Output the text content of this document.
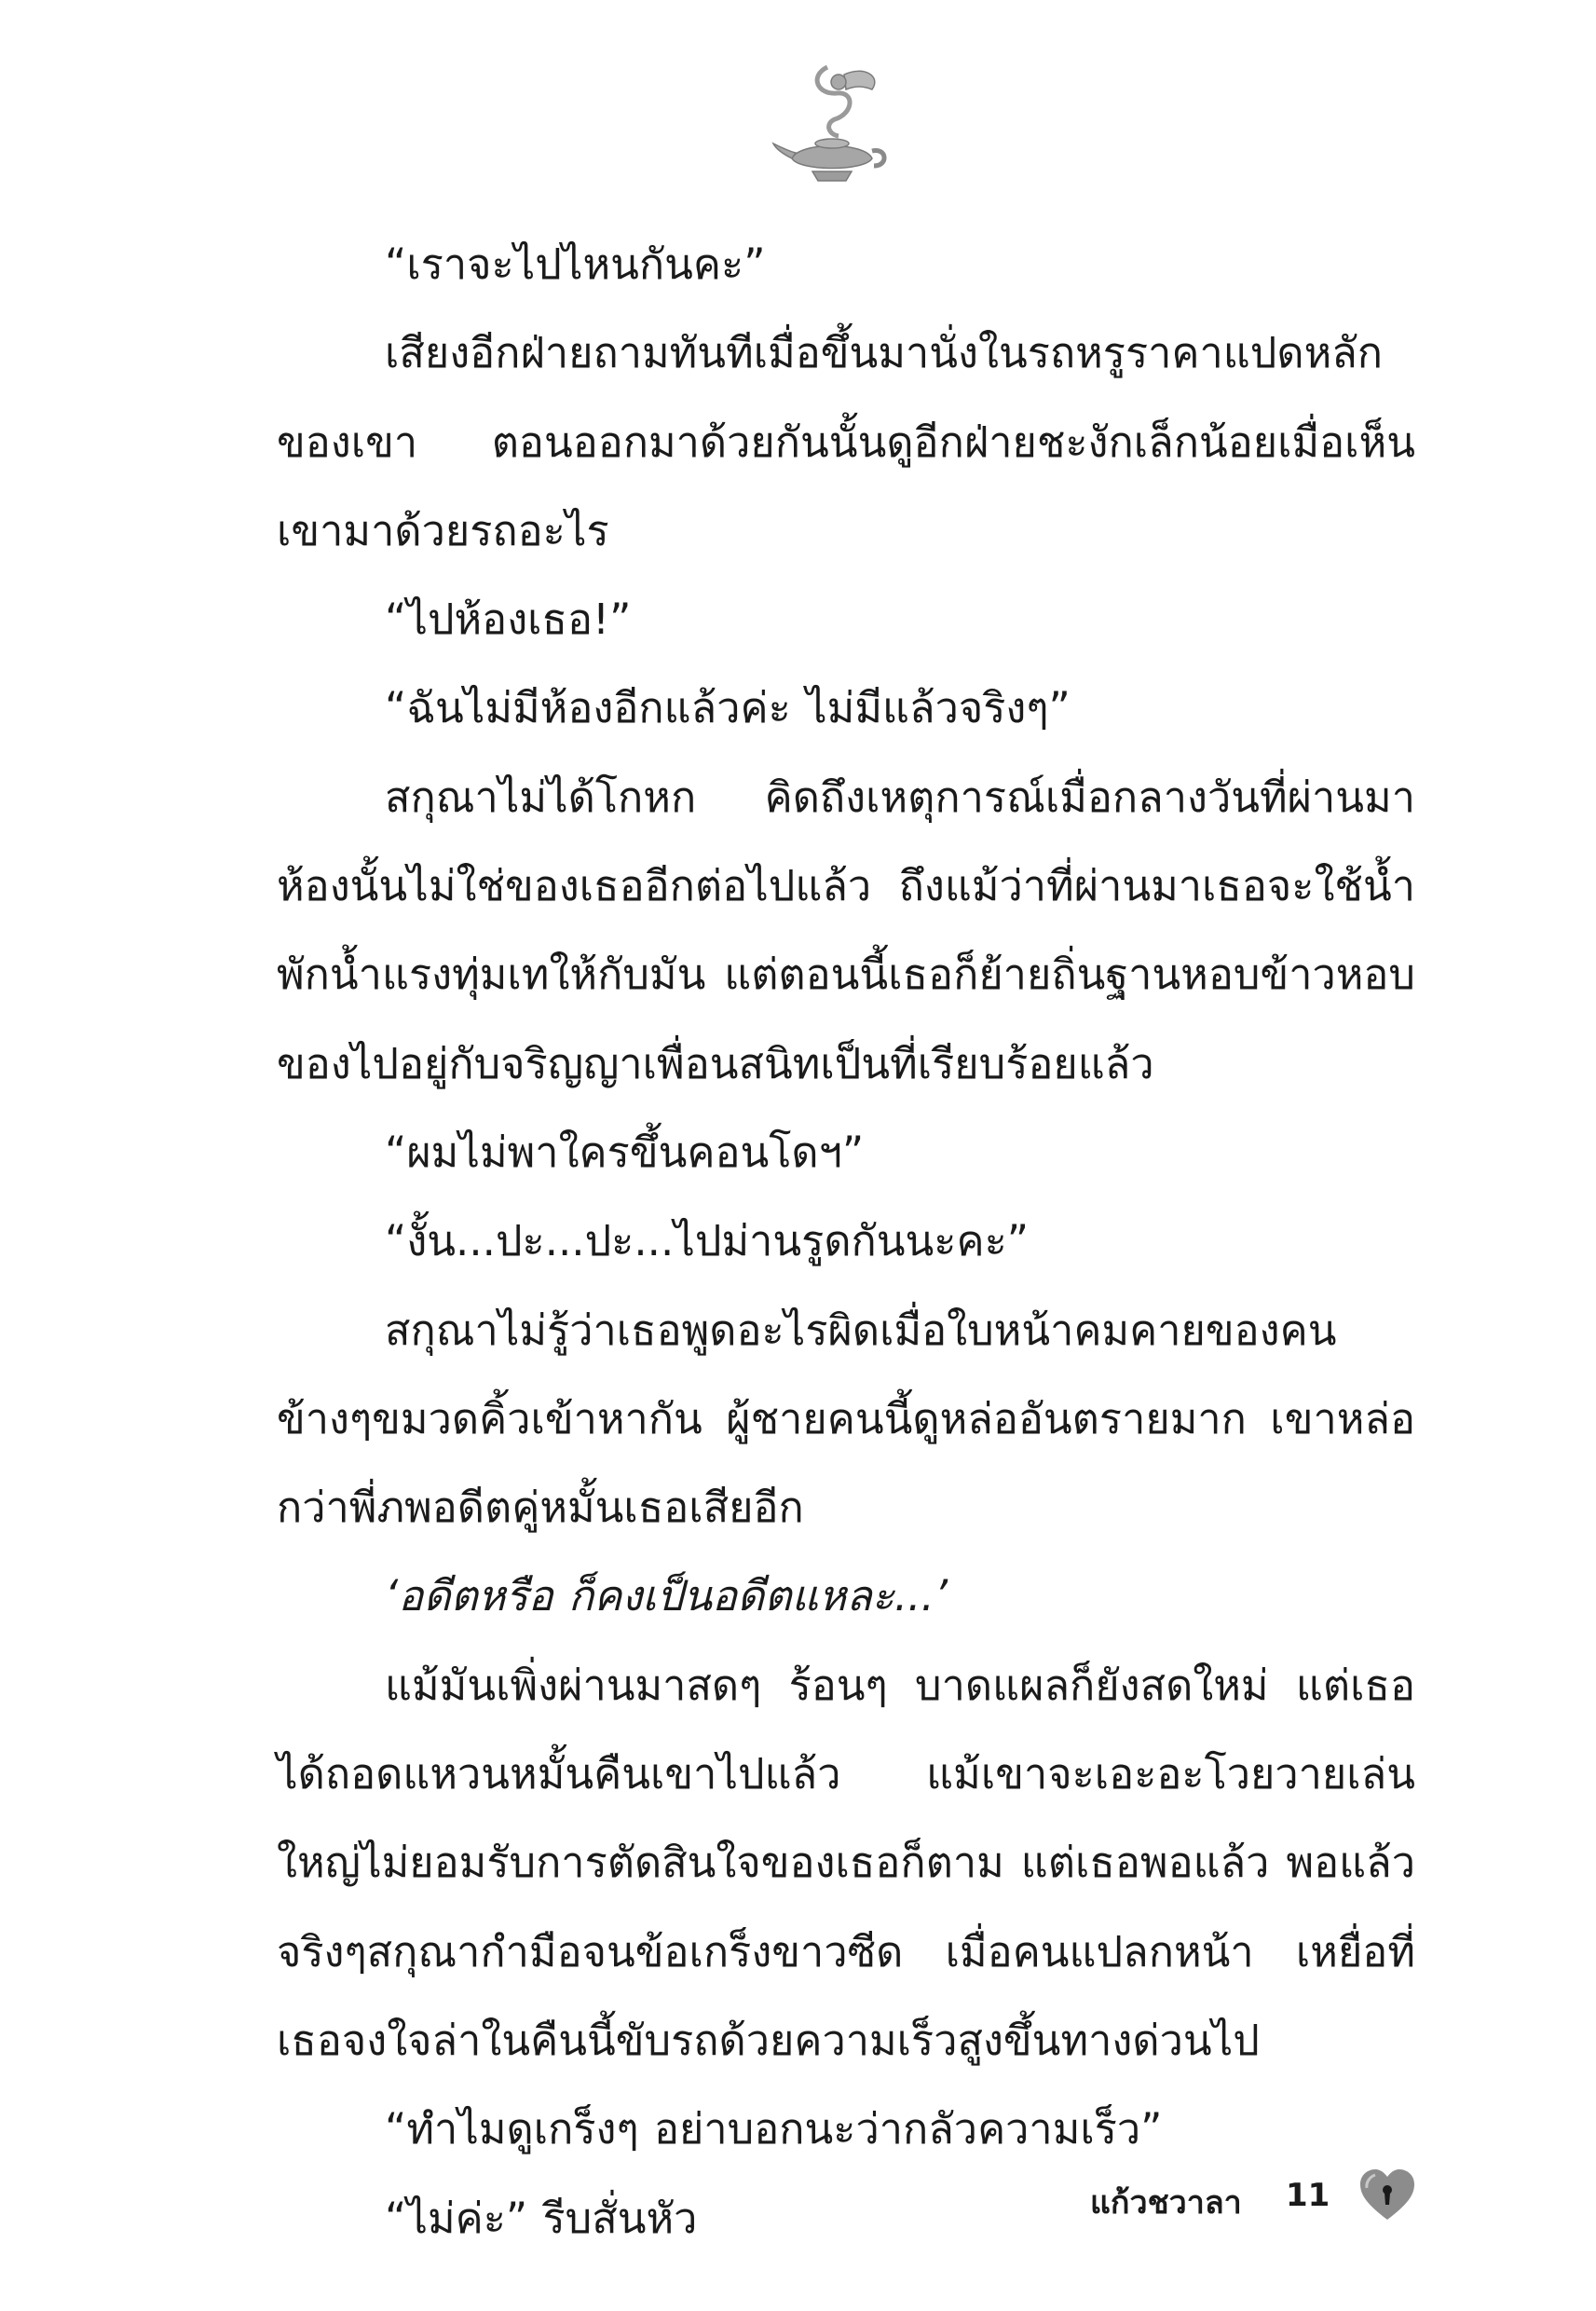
“เราจะไปไหนกันคะ”

เสียงอีกฝ่ายถามทันทีเมื่อขึ้นมานั่งในรถหรูราคาแปดหลักของเขา ตอนออกมาด้วยกันนั้นดูอีกฝ่ายชะงักเล็กน้อยเมื่อเห็นเขามาด้วยรถอะไร

“ไปห้องเธอ!”

“ฉันไม่มีห้องอีกแล้วค่ะ ไม่มีแล้วจริงๆ”

สกุณาไม่ได้โกหก คิดถึงเหตุการณ์เมื่อกลางวันที่ผ่านมาห้องนั้นไม่ใช่ของเธออีกต่อไปแล้ว ถึงแม้ว่าที่ผ่านมาเธอจะใช้น้ำพักน้ำแรงทุ่มเทให้กับมัน แต่ตอนนี้เธอก็ย้ายถิ่นฐานหอบข้าวหอบของไปอยู่กับจริญญาเพื่อนสนิทเป็นที่เรียบร้อยแล้ว

“ผมไม่พาใครขึ้นคอนโดฯ”

“งั้น...ปะ...ปะ...ไปม่านรูดกันนะคะ”

สกุณาไม่รู้ว่าเธอพูดอะไรผิดเมื่อใบหน้าคมคายของคนข้างๆขมวดคิ้วเข้าหากัน ผู้ชายคนนี้ดูหล่ออันตรายมาก เขาหล่อกว่าพี่ภพอดีตคู่หมั้นเธอเสียอีก

‘อดีตหรือ ก็คงเป็นอดีตแหละ...’

แม้มันเพิ่งผ่านมาสดๆ ร้อนๆ บาดแผลก็ยังสดใหม่ แต่เธอได้ถอดแหวนหมั้นคืนเขาไปแล้ว แม้เขาจะเอะอะโวยวายเล่นใหญ่ไม่ยอมรับการตัดสินใจของเธอก็ตาม แต่เธอพอแล้ว พอแล้วจริงๆสกุณากำมือจนข้อเกร็งขาวซีด เมื่อคนแปลกหน้า เหยื่อที่เธอจงใจล่าในคืนนี้ขับรถด้วยความเร็วสูงขึ้นทางด่วนไป

“ทำไมดูเกร็งๆ อย่าบอกนะว่ากลัวความเร็ว”

“ไม่ค่ะ” รีบสั่นหัว	แก้วชวาลา 11
